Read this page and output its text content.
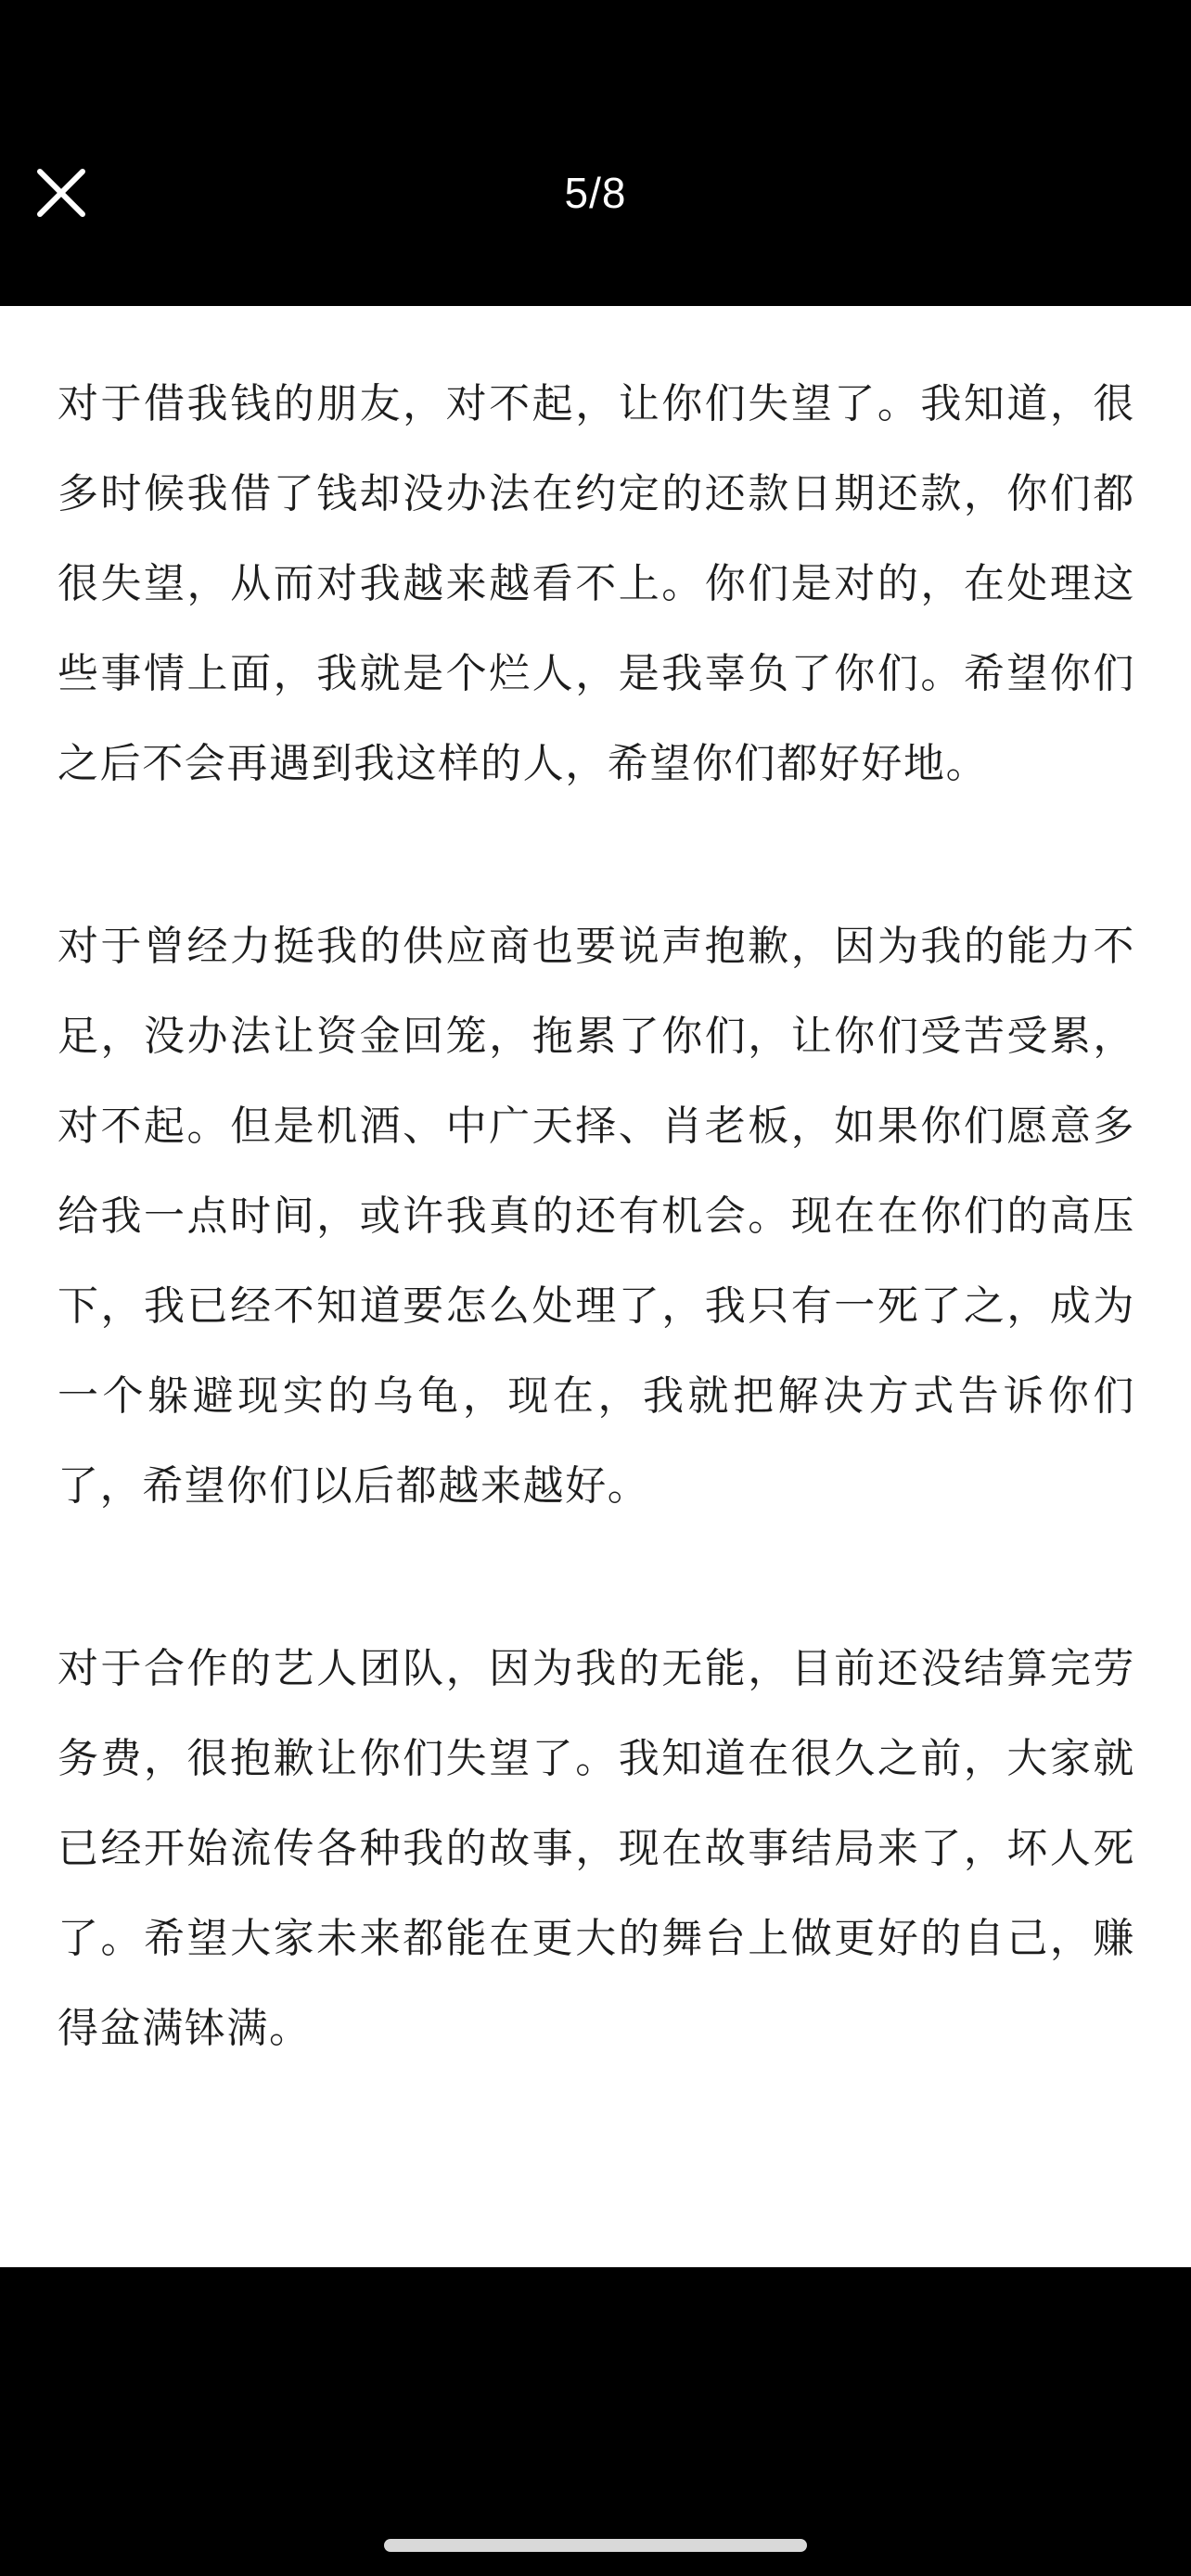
5/8

对于借我钱的朋友，对不起，让你们失望了。我知道，很多时候我借了钱却没办法在约定的还款日期还款，你们都很失望，从而对我越来越看不上。你们是对的，在处理这些事情上面，我就是个烂人，是我辜负了你们。希望你们之后不会再遇到我这样的人，希望你们都好好地。

对于曾经力挺我的供应商也要说声抱歉，因为我的能力不足，没办法让资金回笼，拖累了你们，让你们受苦受累，对不起。但是机酒、中广天择、肖老板，如果你们愿意多给我一点时间，或许我真的还有机会。现在在你们的高压下，我已经不知道要怎么处理了，我只有一死了之，成为一个躲避现实的乌龟，现在，我就把解决方式告诉你们了，希望你们以后都越来越好。

对于合作的艺人团队，因为我的无能，目前还没结算完劳务费，很抱歉让你们失望了。我知道在很久之前，大家就已经开始流传各种我的故事，现在故事结局来了，坏人死了。希望大家未来都能在更大的舞台上做更好的自己，赚得盆满钵满。
